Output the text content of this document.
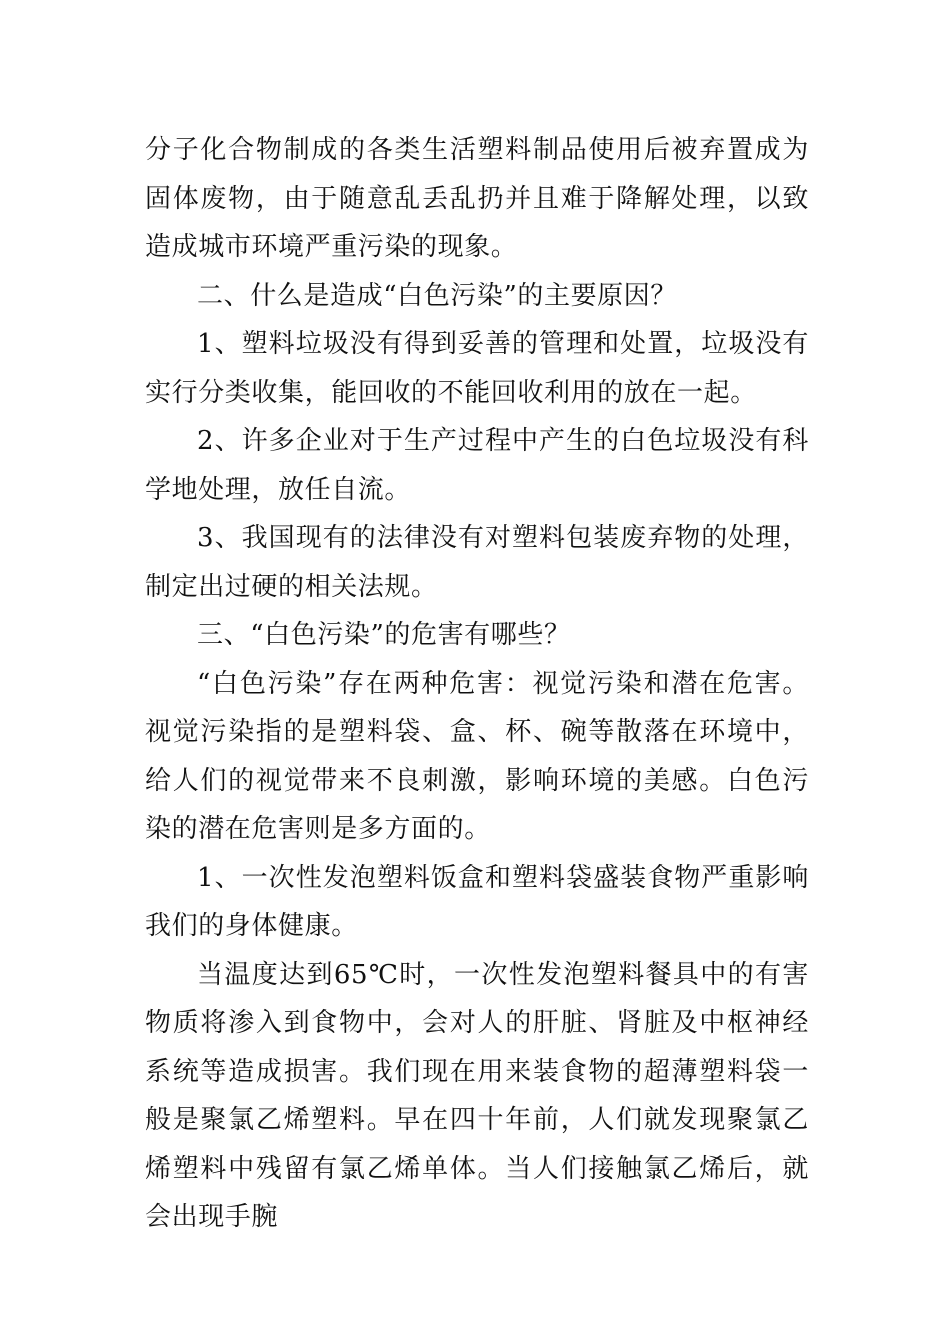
分子化合物制成的各类生活塑料制品使用后被弃置成为固体废物，由于随意乱丢乱扔并且难于降解处理，以致造成城市环境严重污染的现象。

二、什么是造成“白色污染”的主要原因？

1、塑料垃圾没有得到妥善的管理和处置，垃圾没有实行分类收集，能回收的不能回收利用的放在一起。

2、许多企业对于生产过程中产生的白色垃圾没有科学地处理，放任自流。

3、我国现有的法律没有对塑料包装废弃物的处理，制定出过硬的相关法规。

三、“白色污染”的危害有哪些？

“白色污染”存在两种危害：视觉污染和潜在危害。视觉污染指的是塑料袋、盒、杯、碗等散落在环境中，给人们的视觉带来不良刺激，影响环境的美感。白色污染的潜在危害则是多方面的。

1、一次性发泡塑料饭盒和塑料袋盛装食物严重影响我们的身体健康。

当温度达到65℃时，一次性发泡塑料餐具中的有害物质将渗入到食物中，会对人的肝脏、肾脏及中枢神经系统等造成损害。我们现在用来装食物的超薄塑料袋一般是聚氯乙烯塑料。早在四十年前，人们就发现聚氯乙烯塑料中残留有氯乙烯单体。当人们接触氯乙烯后，就会出现手腕
